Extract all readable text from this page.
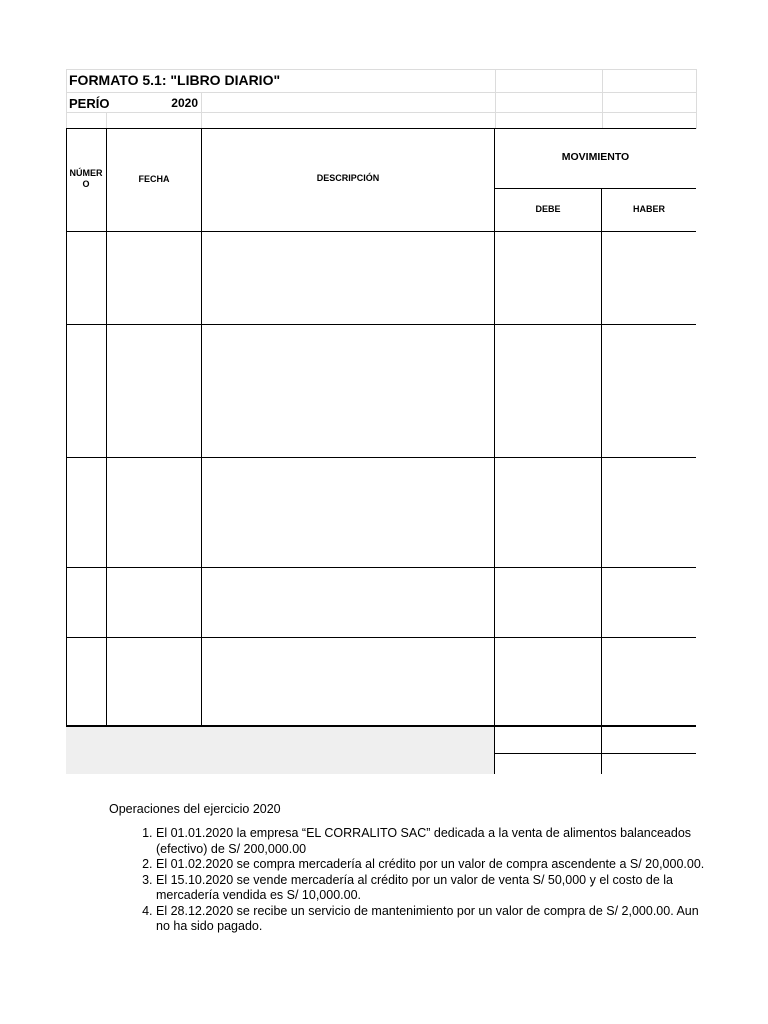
FORMATO 5.1: "LIBRO DIARIO"
PERÍO	2020
NÚMER O	FECHA	DESCRIPCIÓN
MOVIMIENTO
DEBE	HABER
Operaciones del ejercicio 2020
1. El 01.01.2020 la empresa “EL CORRALITO SAC” dedicada a la venta de alimentos balanceados (efectivo) de S/ 200,000.00
2. El 01.02.2020 se compra mercadería al crédito por un valor de compra ascendente a S/ 20,000.00.
3. El 15.10.2020 se vende mercadería al crédito por un valor de venta S/ 50,000 y el costo de la mercadería vendida es S/ 10,000.00.
4. El 28.12.2020 se recibe un servicio de mantenimiento por un valor de compra de S/ 2,000.00. Aun no ha sido pagado.
